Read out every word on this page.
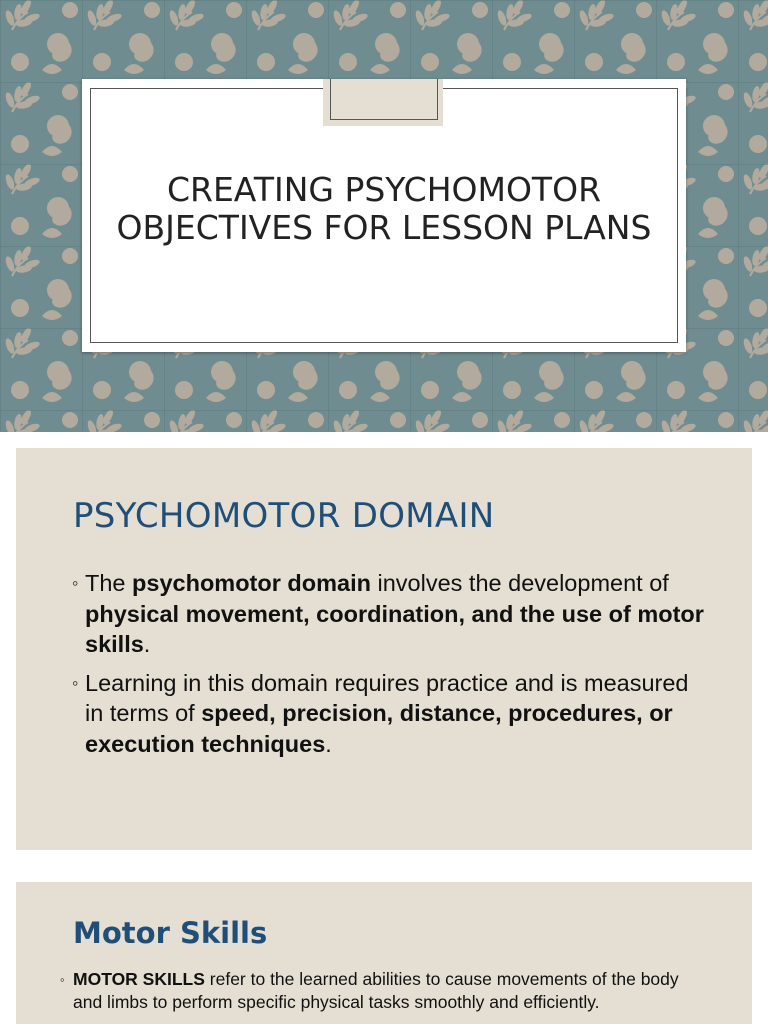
CREATING PSYCHOMOTOR
OBJECTIVES FOR LESSON PLANS
PSYCHOMOTOR DOMAIN
◦ The psychomotor domain involves the development of physical movement, coordination, and the use of motor skills.
◦ Learning in this domain requires practice and is measured in terms of speed, precision, distance, procedures, or execution techniques.
Motor Skills
◦ MOTOR SKILLS refer to the learned abilities to cause movements of the body and limbs to perform specific physical tasks smoothly and efficiently.
